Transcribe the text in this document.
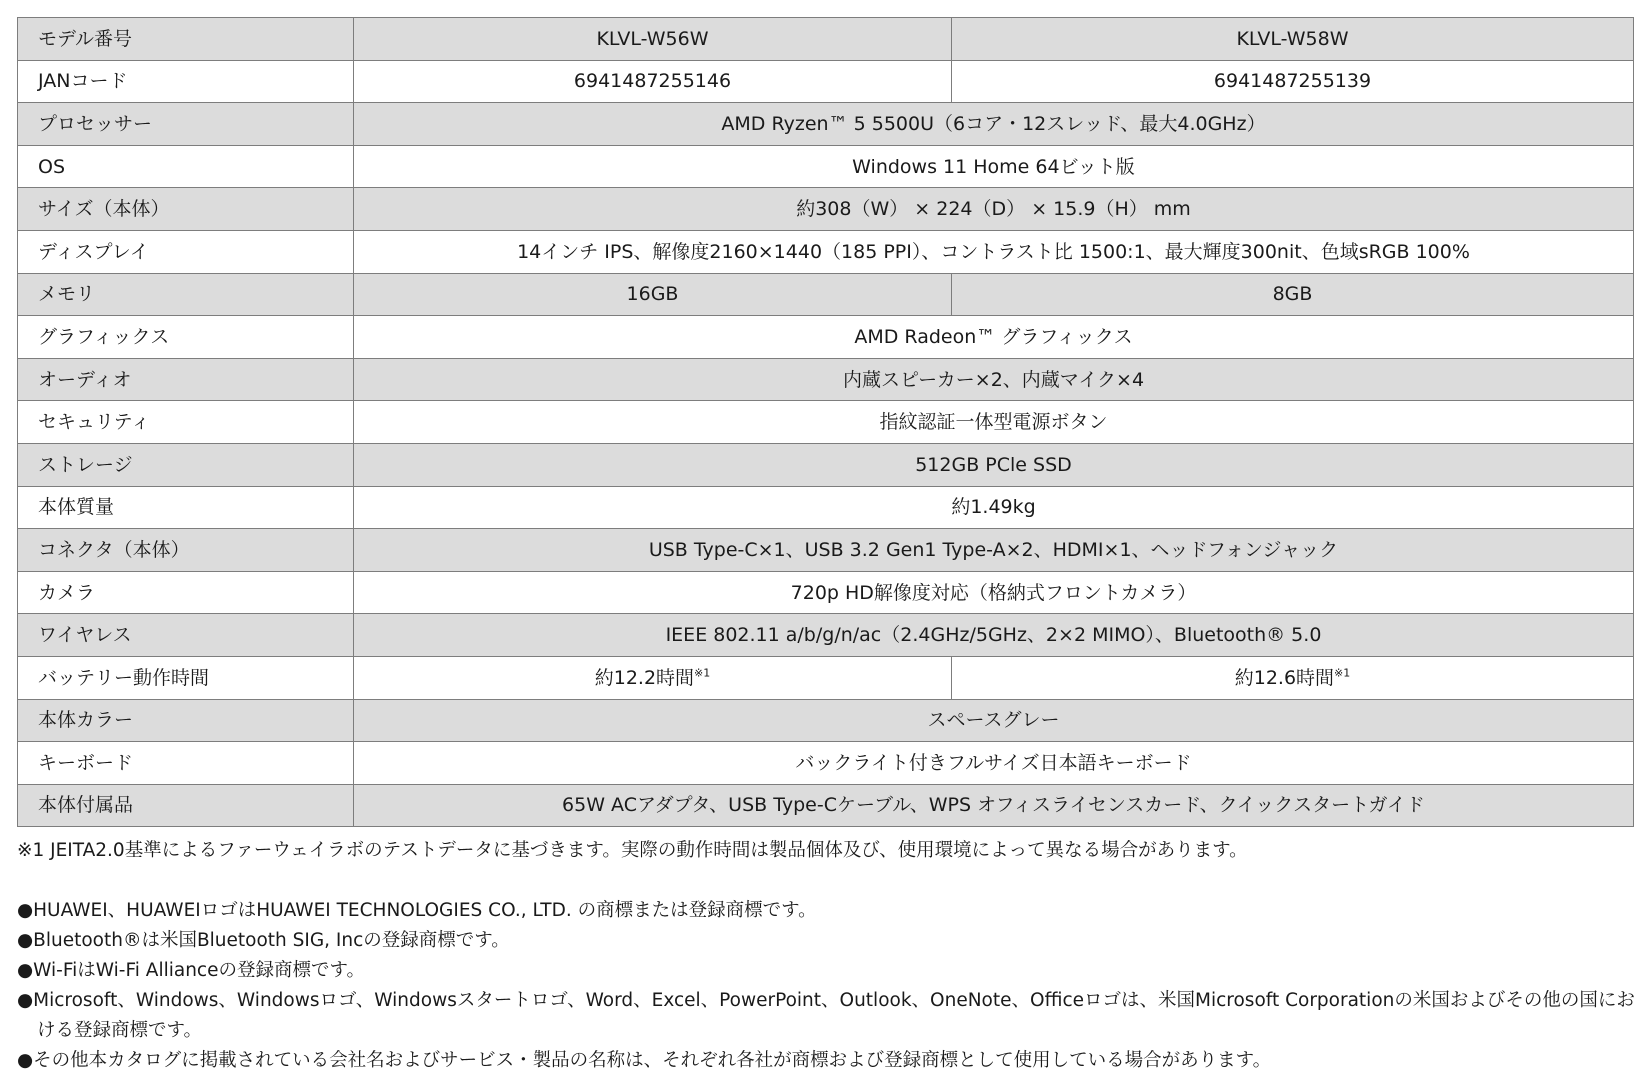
モデル番号	KLVL-W56W	KLVL-W58W
JANコード	6941487255146	6941487255139
プロセッサー	AMD Ryzen™ 5 5500U（6コア・12スレッド、最大4.0GHz）	
OS	Windows 11 Home 64ビット版	
サイズ（本体）	約308（W） × 224（D） × 15.9（H） mm	
ディスプレイ	14インチ IPS、解像度2160×1440（185 PPI）、コントラスト比 1500:1、最大輝度300nit、色域sRGB 100%	
メモリ	16GB	8GB
グラフィックス	AMD Radeon™ グラフィックス	
オーディオ	内蔵スピーカー×2、内蔵マイク×4	
セキュリティ	指紋認証一体型電源ボタン	
ストレージ	512GB PCle SSD	
本体質量	約1.49kg	
コネクタ（本体）	USB Type-C×1、USB 3.2 Gen1 Type-A×2、HDMI×1、ヘッドフォンジャック	
カメラ	720p HD解像度対応（格納式フロントカメラ）	
ワイヤレス	IEEE 802.11 a/b/g/n/ac（2.4GHz/5GHz、2×2 MIMO）、Bluetooth® 5.0	
バッテリー動作時間	約12.2時間$^{※1}$	約12.6時間$^{※1}$
本体カラー	スペースグレー	
キーボード	バックライト付きフルサイズ日本語キーボード	
本体付属品	65W ACアダプタ、USB Type-Cケーブル、WPS オフィスライセンスカード、クイックスタートガイド	

※1 JEITA2.0基準によるファーウェイラボのテストデータに基づきます。実際の動作時間は製品個体及び、使用環境によって異なる場合があります。

●HUAWEI、HUAWEIロゴはHUAWEI TECHNOLOGIES CO., LTD. の商標または登録商標です。

●Bluetooth®は米国Bluetooth SIG, Incの登録商標です。

●Wi-FiはWi-Fi Allianceの登録商標です。

●Microsoft、Windows、Windowsロゴ、Windowsスタートロゴ、Word、Excel、PowerPoint、Outlook、OneNote、Officeロゴは、米国Microsoft Corporationの米国およびその他の国における登録商標です。

●その他本カタログに掲載されている会社名およびサービス・製品の名称は、それぞれ各社が商標および登録商標として使用している場合があります。
